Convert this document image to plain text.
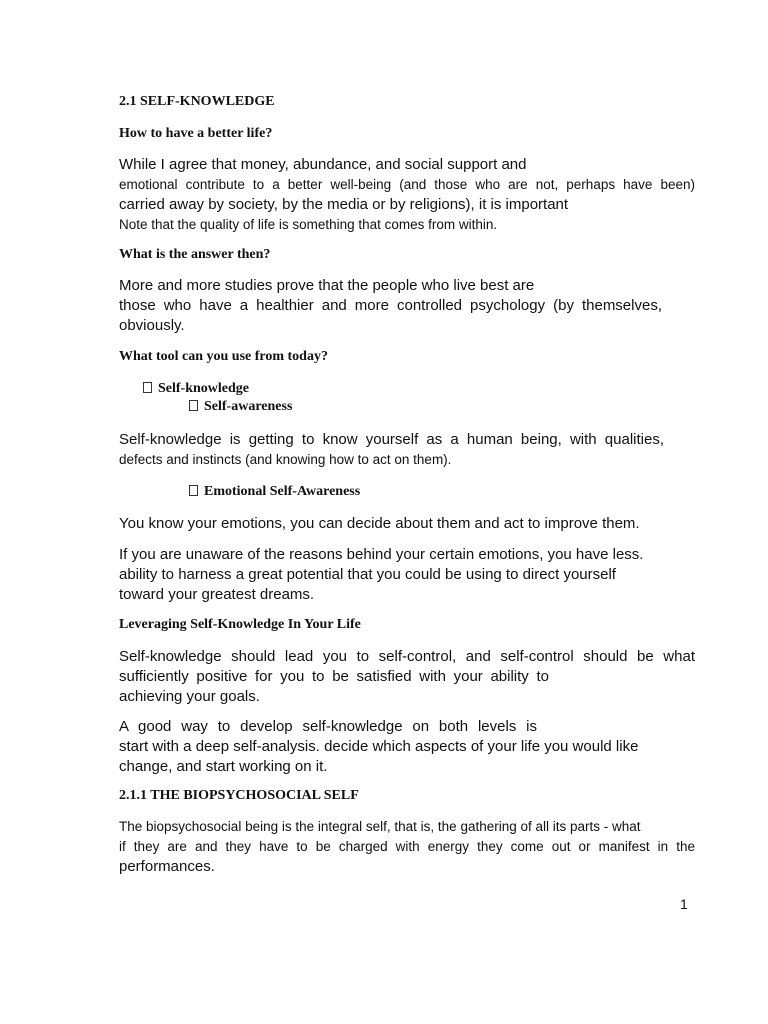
2.1 SELF-KNOWLEDGE
How to have a better life?
While I agree that money, abundance, and social support and
emotional contribute to a better well-being (and those who are not, perhaps have been)
carried away by society, by the media or by religions), it is important
Note that the quality of life is something that comes from within.
What is the answer then?
More and more studies prove that the people who live best are
those who have a healthier and more controlled psychology (by themselves,
obviously.
What tool can you use from today?
Self-knowledge
Self-awareness
Self-knowledge is getting to know yourself as a human being, with qualities,
defects and instincts (and knowing how to act on them).
Emotional Self-Awareness

You know your emotions, you can decide about them and act to improve them.

If you are unaware of the reasons behind your certain emotions, you have less.
ability to harness a great potential that you could be using to direct yourself
toward your greatest dreams.
Leveraging Self-Knowledge In Your Life
Self-knowledge should lead you to self-control, and self-control should be what
sufficiently positive for you to be satisfied with your ability to
achieving your goals.
A good way to develop self-knowledge on both levels is
start with a deep self-analysis. decide which aspects of your life you would like
change, and start working on it.
2.1.1 THE BIOPSYCHOSOCIAL SELF
The biopsychosocial being is the integral self, that is, the gathering of all its parts - what
if they are and they have to be charged with energy they come out or manifest in the
performances.
1
